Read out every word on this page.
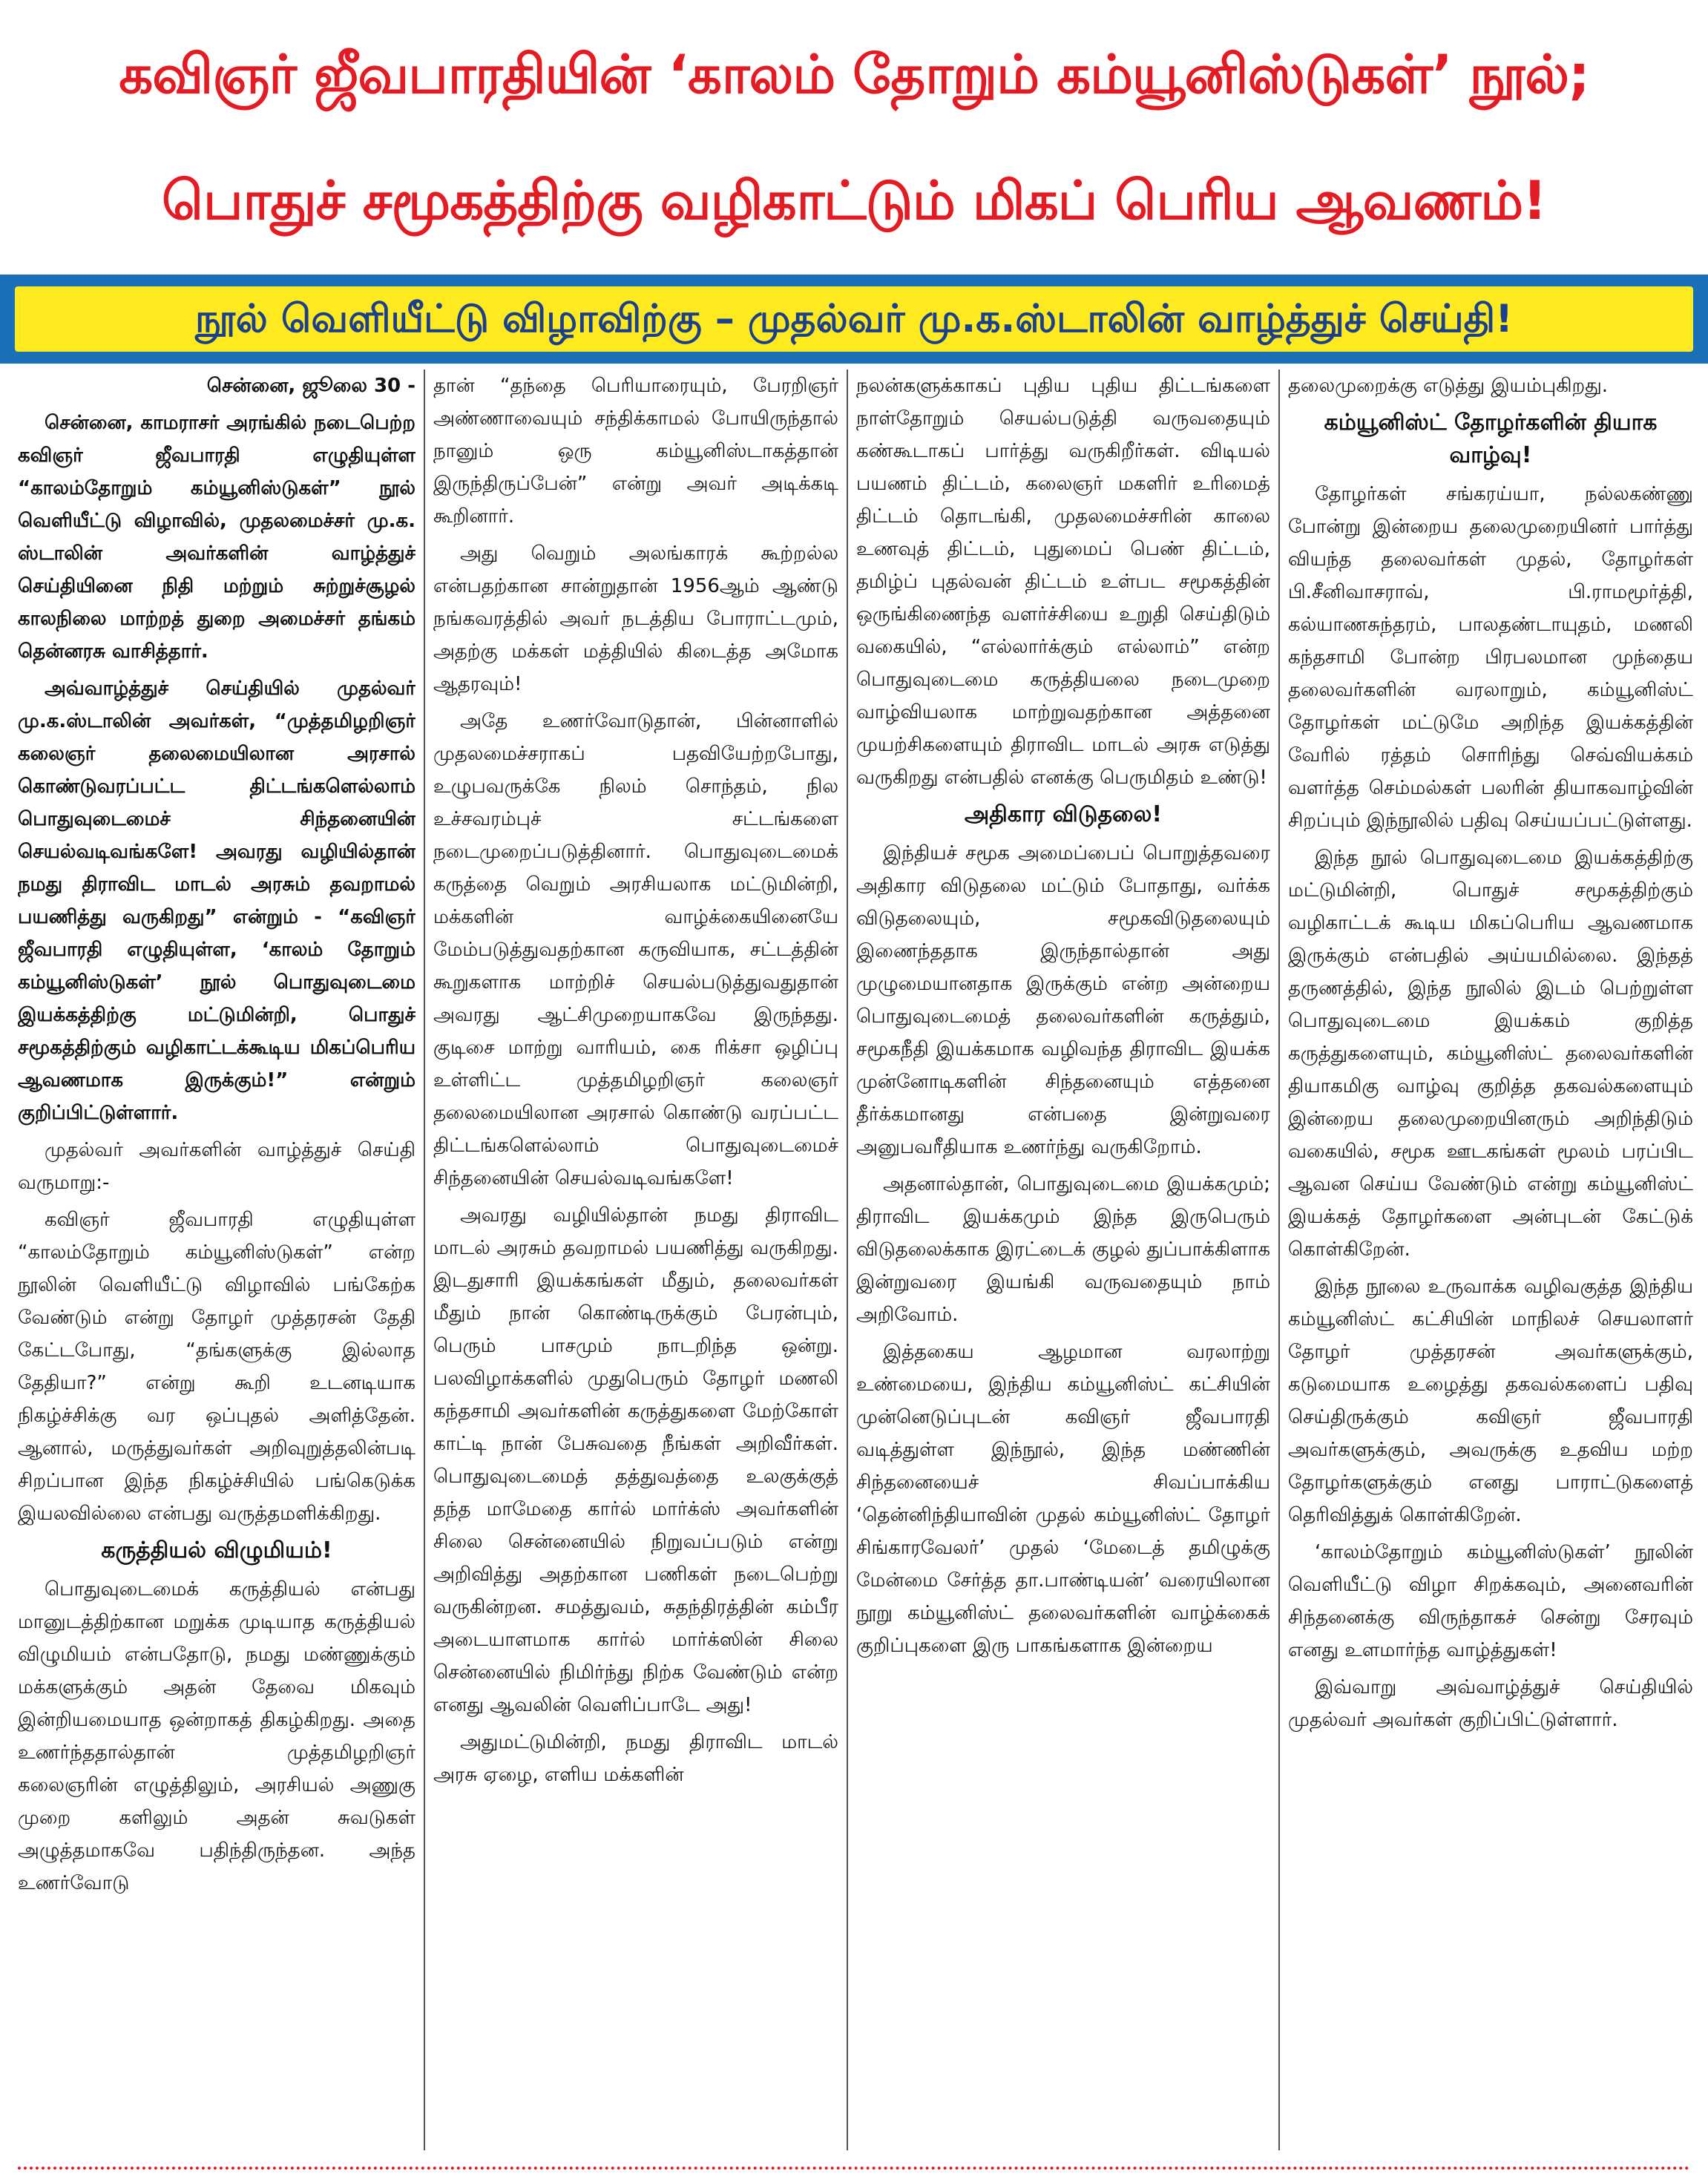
கவிஞர் ஜீவபாரதியின் ‘காலம் தோறும் கம்யூனிஸ்டுகள்’ நூல்;
பொதுச் சமூகத்திற்கு வழிகாட்டும் மிகப் பெரிய ஆவணம்!
நூல் வெளியீட்டு விழாவிற்கு – முதல்வர் மு.க.ஸ்டாலின் வாழ்த்துச் செய்தி!

சென்னை, ஜூலை 30 -

சென்னை, காமராசர் அரங்கில் நடைபெற்ற கவிஞர் ஜீவபாரதி எழுதியுள்ள “காலம்தோறும் கம்யூனிஸ்டுகள்” நூல் வெளியீட்டு விழாவில், முதலமைச்சர் மு.க. ஸ்டாலின் அவர்களின் வாழ்த்துச் செய்தியினை நிதி மற்றும் சுற்றுச்சூழல் காலநிலை மாற்றத் துறை அமைச்சர் தங்கம் தென்னரசு வாசித்தார்.

அவ்வாழ்த்துச் செய்தியில் முதல்வர் மு.க.ஸ்டாலின் அவர்கள், “முத்தமிழறிஞர் கலைஞர் தலைமையிலான அரசால் கொண்டுவரப்பட்ட திட்டங்களெல்லாம் பொதுவுடைமைச் சிந்தனையின் செயல்வடிவங்களே! அவரது வழியில்தான் நமது திராவிட மாடல் அரசும் தவறாமல் பயணித்து வருகிறது” என்றும் - “கவிஞர் ஜீவபாரதி எழுதியுள்ள, ‘காலம் தோறும் கம்யூனிஸ்டுகள்’ நூல் பொதுவுடைமை இயக்கத்திற்கு மட்டுமின்றி, பொதுச் சமூகத்திற்கும் வழிகாட்டக்கூடிய மிகப்பெரிய ஆவணமாக இருக்கும்!” என்றும் குறிப்பிட்டுள்ளார்.

முதல்வர் அவர்களின் வாழ்த்துச் செய்தி வருமாறு:-

கவிஞர் ஜீவபாரதி எழுதியுள்ள “காலம்தோறும் கம்யூனிஸ்டுகள்” என்ற நூலின் வெளியீட்டு விழாவில் பங்கேற்க வேண்டும் என்று தோழர் முத்தரசன் தேதி கேட்டபோது, “தங்களுக்கு இல்லாத தேதியா?” என்று கூறி உடனடியாக நிகழ்ச்சிக்கு வர ஒப்புதல் அளித்தேன். ஆனால், மருத்துவர்கள் அறிவுறுத்தலின்படி சிறப்பான இந்த நிகழ்ச்சியில் பங்கெடுக்க இயலவில்லை என்பது வருத்தமளிக்கிறது.

கருத்தியல் விழுமியம்!

பொதுவுடைமைக் கருத்தியல் என்பது மானுடத்திற்கான மறுக்க முடியாத கருத்தியல் விழுமியம் என்பதோடு, நமது மண்ணுக்கும் மக்களுக்கும் அதன் தேவை மிகவும் இன்றியமையாத ஒன்றாகத் திகழ்கிறது. அதை உணர்ந்ததால்தான் முத்தமிழறிஞர் கலைஞரின் எழுத்திலும், அரசியல் அணுகு முறை களிலும் அதன் சுவடுகள் அழுத்தமாகவே பதிந்திருந்தன. அந்த உணர்வோடு

தான் “தந்தை பெரியாரையும், பேரறிஞர் அண்ணாவையும் சந்திக்காமல் போயிருந்தால் நானும் ஒரு கம்யூனிஸ்டாகத்தான் இருந்திருப்பேன்” என்று அவர் அடிக்கடி கூறினார்.

அது வெறும் அலங்காரக் கூற்றல்ல என்பதற்கான சான்றுதான் 1956ஆம் ஆண்டு நங்கவரத்தில் அவர் நடத்திய போராட்டமும், அதற்கு மக்கள் மத்தியில் கிடைத்த அமோக ஆதரவும்!

அதே உணர்வோடுதான், பின்னாளில் முதலமைச்சராகப் பதவியேற்றபோது, உழுபவருக்கே நிலம் சொந்தம், நில உச்சவரம்புச் சட்டங்களை நடைமுறைப்படுத்தினார். பொதுவுடைமைக் கருத்தை வெறும் அரசியலாக மட்டுமின்றி, மக்களின் வாழ்க்கையினையே மேம்படுத்துவதற்கான கருவியாக, சட்டத்தின் கூறுகளாக மாற்றிச் செயல்படுத்துவதுதான் அவரது ஆட்சிமுறையாகவே இருந்தது. குடிசை மாற்று வாரியம், கை ரிக்சா ஒழிப்பு உள்ளிட்ட முத்தமிழறிஞர் கலைஞர் தலைமையிலான அரசால் கொண்டு வரப்பட்ட திட்டங்களெல்லாம் பொதுவுடைமைச் சிந்தனையின் செயல்வடிவங்களே!

அவரது வழியில்தான் நமது திராவிட மாடல் அரசும் தவறாமல் பயணித்து வருகிறது. இடதுசாரி இயக்கங்கள் மீதும், தலைவர்கள் மீதும் நான் கொண்டிருக்கும் பேரன்பும், பெரும் பாசமும் நாடறிந்த ஒன்று. பலவிழாக்களில் முதுபெரும் தோழர் மணலி கந்தசாமி அவர்களின் கருத்துகளை மேற்கோள் காட்டி நான் பேசுவதை நீங்கள் அறிவீர்கள். பொதுவுடைமைத் தத்துவத்தை உலகுக்குத் தந்த மாமேதை கார்ல் மார்க்ஸ் அவர்களின் சிலை சென்னையில் நிறுவப்படும் என்று அறிவித்து அதற்கான பணிகள் நடைபெற்று வருகின்றன. சமத்துவம், சுதந்திரத்தின் கம்பீர அடையாளமாக கார்ல் மார்க்ஸின் சிலை சென்னையில் நிமிர்ந்து நிற்க வேண்டும் என்ற எனது ஆவலின் வெளிப்பாடே அது!

அதுமட்டுமின்றி, நமது திராவிட மாடல் அரசு ஏழை, எளிய மக்களின்

நலன்களுக்காகப் புதிய புதிய திட்டங்களை நாள்தோறும் செயல்படுத்தி வருவதையும் கண்கூடாகப் பார்த்து வருகிறீர்கள். விடியல் பயணம் திட்டம், கலைஞர் மகளிர் உரிமைத் திட்டம் தொடங்கி, முதலமைச்சரின் காலை உணவுத் திட்டம், புதுமைப் பெண் திட்டம், தமிழ்ப் புதல்வன் திட்டம் உள்பட சமூகத்தின் ஒருங்கிணைந்த வளர்ச்சியை உறுதி செய்திடும் வகையில், “எல்லார்க்கும் எல்லாம்” என்ற பொதுவுடைமை கருத்தியலை நடைமுறை வாழ்வியலாக மாற்றுவதற்கான அத்தனை முயற்சிகளையும் திராவிட மாடல் அரசு எடுத்து வருகிறது என்பதில் எனக்கு பெருமிதம் உண்டு!

அதிகார விடுதலை!

இந்தியச் சமூக அமைப்பைப் பொறுத்தவரை அதிகார விடுதலை மட்டும் போதாது, வர்க்க விடுதலையும், சமூகவிடுதலையும் இணைந்ததாக இருந்தால்தான் அது முழுமையானதாக இருக்கும் என்ற அன்றைய பொதுவுடைமைத் தலைவர்களின் கருத்தும், சமூகநீதி இயக்கமாக வழிவந்த திராவிட இயக்க முன்னோடிகளின் சிந்தனையும் எத்தனை தீர்க்கமானது என்பதை இன்றுவரை அனுபவரீதியாக உணர்ந்து வருகிறோம்.

அதனால்தான், பொதுவுடைமை இயக்கமும்; திராவிட இயக்கமும் இந்த இருபெரும் விடுதலைக்காக இரட்டைக் குழல் துப்பாக்கிளாக இன்றுவரை இயங்கி வருவதையும் நாம் அறிவோம்.

இத்தகைய ஆழமான வரலாற்று உண்மையை, இந்திய கம்யூனிஸ்ட் கட்சியின் முன்னெடுப்புடன் கவிஞர் ஜீவபாரதி வடித்துள்ள இந்நூல், இந்த மண்ணின் சிந்தனையைச் சிவப்பாக்கிய ‘தென்னிந்தியாவின் முதல் கம்யூனிஸ்ட் தோழர் சிங்காரவேலர்’ முதல் ‘மேடைத் தமிழுக்கு மேன்மை சேர்த்த தா.பாண்டியன்’ வரையிலான நூறு கம்யூனிஸ்ட் தலைவர்களின் வாழ்க்கைக் குறிப்புகளை இரு பாகங்களாக இன்றைய

தலைமுறைக்கு எடுத்து இயம்புகிறது.

கம்யூனிஸ்ட் தோழர்களின் தியாக வாழ்வு!

தோழர்கள் சங்கரய்யா, நல்லகண்ணு போன்று இன்றைய தலைமுறையினர் பார்த்து வியந்த தலைவர்கள் முதல், தோழர்கள் பி.சீனிவாசராவ், பி.ராமமூர்த்தி, கல்யாணசுந்தரம், பாலதண்டாயுதம், மணலி கந்தசாமி போன்ற பிரபலமான முந்தைய தலைவர்களின் வரலாறும், கம்யூனிஸ்ட் தோழர்கள் மட்டுமே அறிந்த இயக்கத்தின் வேரில் ரத்தம் சொரிந்து செவ்வியக்கம் வளர்த்த செம்மல்கள் பலரின் தியாகவாழ்வின் சிறப்பும் இந்நூலில் பதிவு செய்யப்பட்டுள்ளது.

இந்த நூல் பொதுவுடைமை இயக்கத்திற்கு மட்டுமின்றி, பொதுச் சமூகத்திற்கும் வழிகாட்டக் கூடிய மிகப்பெரிய ஆவணமாக இருக்கும் என்பதில் அய்யமில்லை. இந்தத் தருணத்தில், இந்த நூலில் இடம் பெற்றுள்ள பொதுவுடைமை இயக்கம் குறித்த கருத்துகளையும், கம்யூனிஸ்ட் தலைவர்களின் தியாகமிகு வாழ்வு குறித்த தகவல்களையும் இன்றைய தலைமுறையினரும் அறிந்திடும் வகையில், சமூக ஊடகங்கள் மூலம் பரப்பிட ஆவன செய்ய வேண்டும் என்று கம்யூனிஸ்ட் இயக்கத் தோழர்களை அன்புடன் கேட்டுக் கொள்கிறேன்.

இந்த நூலை உருவாக்க வழிவகுத்த இந்திய கம்யூனிஸ்ட் கட்சியின் மாநிலச் செயலாளர் தோழர் முத்தரசன் அவர்களுக்கும், கடுமையாக உழைத்து தகவல்களைப் பதிவு செய்திருக்கும் கவிஞர் ஜீவபாரதி அவர்களுக்கும், அவருக்கு உதவிய மற்ற தோழர்களுக்கும் எனது பாராட்டுகளைத் தெரிவித்துக் கொள்கிறேன்.

‘காலம்தோறும் கம்யூனிஸ்டுகள்’ நூலின் வெளியீட்டு விழா சிறக்கவும், அனைவரின் சிந்தனைக்கு விருந்தாகச் சென்று சேரவும் எனது உளமார்ந்த வாழ்த்துகள்!

இவ்வாறு அவ்வாழ்த்துச் செய்தியில் முதல்வர் அவர்கள் குறிப்பிட்டுள்ளார்.
